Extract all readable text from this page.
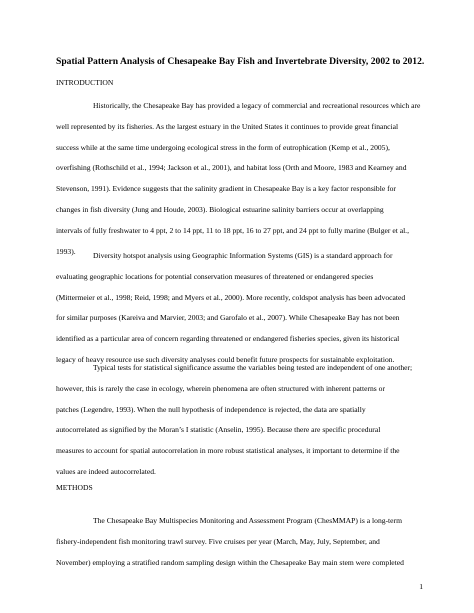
Spatial Pattern Analysis of Chesapeake Bay Fish and Invertebrate Diversity, 2002 to 2012.
INTRODUCTION
Historically, the Chesapeake Bay has provided a legacy of commercial and recreational resources which are
well represented by its fisheries. As the largest estuary in the United States it continues to provide great financial
success while at the same time undergoing ecological stress in the form of eutrophication (Kemp et al., 2005),
overfishing (Rothschild et al., 1994; Jackson et al., 2001), and habitat loss (Orth and Moore, 1983 and Kearney and
Stevenson, 1991). Evidence suggests that the salinity gradient in Chesapeake Bay is a key factor responsible for
changes in fish diversity (Jung and Houde, 2003). Biological estuarine salinity barriers occur at overlapping
intervals of fully freshwater to 4 ppt, 2 to 14 ppt, 11 to 18 ppt, 16 to 27 ppt, and 24 ppt to fully marine (Bulger et al.,
1993).	Diversity hotspot analysis using Geographic Information Systems (GIS) is a standard approach for
evaluating geographic locations for potential conservation measures of threatened or endangered species
(Mittermeier et al., 1998; Reid, 1998; and Myers et al., 2000). More recently, coldspot analysis has been advocated
for similar purposes (Kareiva and Marvier, 2003; and Garofalo et al., 2007). While Chesapeake Bay has not been
identified as a particular area of concern regarding threatened or endangered fisheries species, given its historical
legacy of heavy resource use such diversity analyses could benefit future prospects for sustainable exploitation.
Typical tests for statistical significance assume the variables being tested are independent of one another;
however, this is rarely the case in ecology, wherein phenomena are often structured with inherent patterns or
patches (Legendre, 1993). When the null hypothesis of independence is rejected, the data are spatially
autocorrelated as signified by the Moran’s I statistic (Anselin, 1995). Because there are specific procedural
measures to account for spatial autocorrelation in more robust statistical analyses, it important to determine if the
values are indeed autocorrelated.
METHODS
The Chesapeake Bay Multispecies Monitoring and Assessment Program (ChesMMAP) is a long-term
fishery-independent fish monitoring trawl survey. Five cruises per year (March, May, July, September, and
November) employing a stratified random sampling design within the Chesapeake Bay main stem were completed
1
